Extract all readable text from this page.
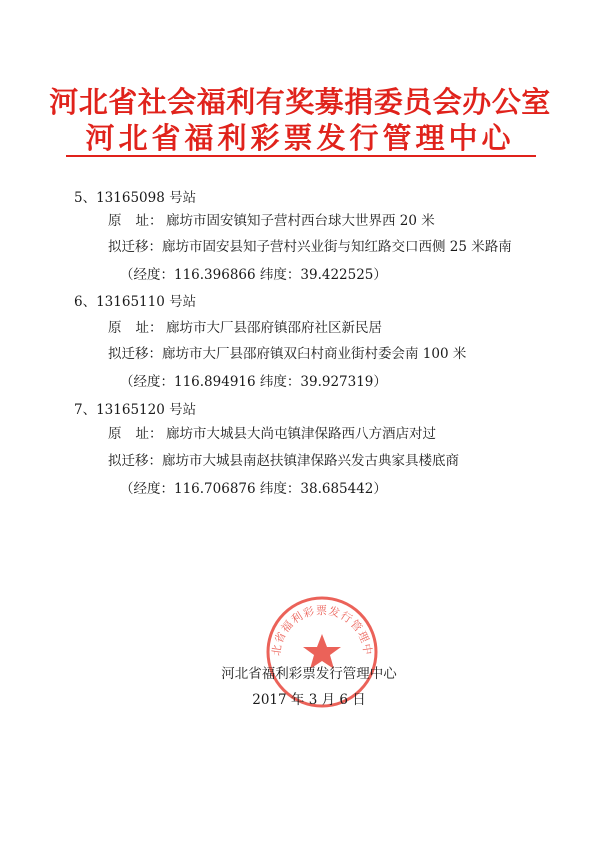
河北省社会福利有奖募捐委员会办公室
河北省福利彩票发行管理中心
5、13165098 号站
原 址： 廊坊市固安镇知子营村西台球大世界西 20 米
拟迁移：廊坊市固安县知子营村兴业街与知红路交口西侧 25 米路南
（经度：116.396866 纬度：39.422525）
6、13165110 号站
原 址： 廊坊市大厂县邵府镇邵府社区新民居
拟迁移：廊坊市大厂县邵府镇双臼村商业街村委会南 100 米
（经度：116.894916 纬度：39.927319）
7、13165120 号站
原 址： 廊坊市大城县大尚屯镇津保路西八方酒店对过
拟迁移：廊坊市大城县南赵扶镇津保路兴发古典家具楼底商
（经度：116.706876 纬度：38.685442）
北省福利彩票发行管理中
河北省福利彩票发行管理中心
2017 年 3 月 6 日
